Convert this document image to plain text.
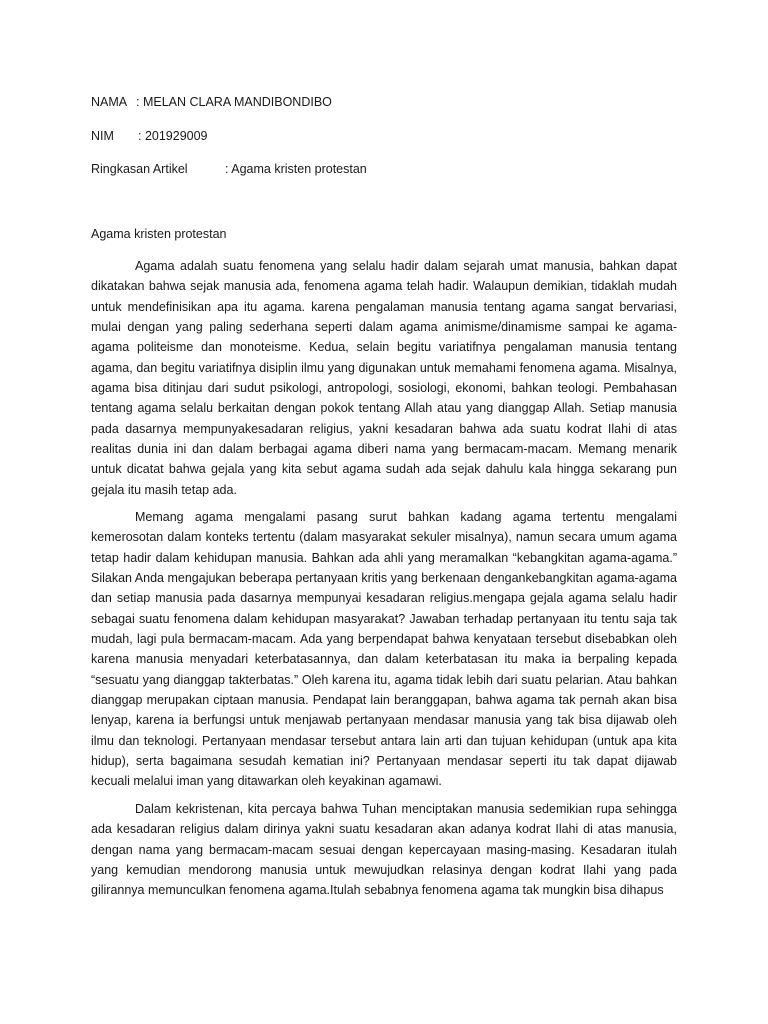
NAMA : MELAN CLARA MANDIBONDIBO
NIM : 201929009
Ringkasan Artikel	: Agama kristen protestan
Agama kristen protestan

Agama adalah suatu fenomena yang selalu hadir dalam sejarah umat manusia, bahkan dapat dikatakan bahwa sejak manusia ada, fenomena agama telah hadir. Walaupun demikian, tidaklah mudah untuk mendefinisikan apa itu agama. karena pengalaman manusia tentang agama sangat bervariasi, mulai dengan yang paling sederhana seperti dalam agama animisme/dinamisme sampai ke agama-agama politeisme dan monoteisme. Kedua, selain begitu variatifnya pengalaman manusia tentang agama, dan begitu variatifnya disiplin ilmu yang digunakan untuk memahami fenomena agama. Misalnya, agama bisa ditinjau dari sudut psikologi, antropologi, sosiologi, ekonomi, bahkan teologi. Pembahasan tentang agama selalu berkaitan dengan pokok tentang Allah atau yang dianggap Allah. Setiap manusia pada dasarnya mempunyakesadaran religius, yakni kesadaran bahwa ada suatu kodrat Ilahi di atas realitas dunia ini dan dalam berbagai agama diberi nama yang bermacam-macam. Memang menarik untuk dicatat bahwa gejala yang kita sebut agama sudah ada sejak dahulu kala hingga sekarang pun gejala itu masih tetap ada.

Memang agama mengalami pasang surut bahkan kadang agama tertentu mengalami kemerosotan dalam konteks tertentu (dalam masyarakat sekuler misalnya), namun secara umum agama tetap hadir dalam kehidupan manusia. Bahkan ada ahli yang meramalkan “kebangkitan agama-agama.” Silakan Anda mengajukan beberapa pertanyaan kritis yang berkenaan dengankebangkitan agama-agama dan setiap manusia pada dasarnya mempunyai kesadaran religius.mengapa gejala agama selalu hadir sebagai suatu fenomena dalam kehidupan masyarakat? Jawaban terhadap pertanyaan itu tentu saja tak mudah, lagi pula bermacam-macam. Ada yang berpendapat bahwa kenyataan tersebut disebabkan oleh karena manusia menyadari keterbatasannya, dan dalam keterbatasan itu maka ia berpaling kepada “sesuatu yang dianggap takterbatas.” Oleh karena itu, agama tidak lebih dari suatu pelarian. Atau bahkan dianggap merupakan ciptaan manusia. Pendapat lain beranggapan, bahwa agama tak pernah akan bisa lenyap, karena ia berfungsi untuk menjawab pertanyaan mendasar manusia yang tak bisa dijawab oleh ilmu dan teknologi. Pertanyaan mendasar tersebut antara lain arti dan tujuan kehidupan (untuk apa kita hidup), serta bagaimana sesudah kematian ini? Pertanyaan mendasar seperti itu tak dapat dijawab kecuali melalui iman yang ditawarkan oleh keyakinan agamawi.

Dalam kekristenan, kita percaya bahwa Tuhan menciptakan manusia sedemikian rupa sehingga ada kesadaran religius dalam dirinya yakni suatu kesadaran akan adanya kodrat Ilahi di atas manusia, dengan nama yang bermacam-macam sesuai dengan kepercayaan masing-masing. Kesadaran itulah yang kemudian mendorong manusia untuk mewujudkan relasinya dengan kodrat Ilahi yang pada gilirannya memunculkan fenomena agama.Itulah sebabnya fenomena agama tak mungkin bisa dihapus
